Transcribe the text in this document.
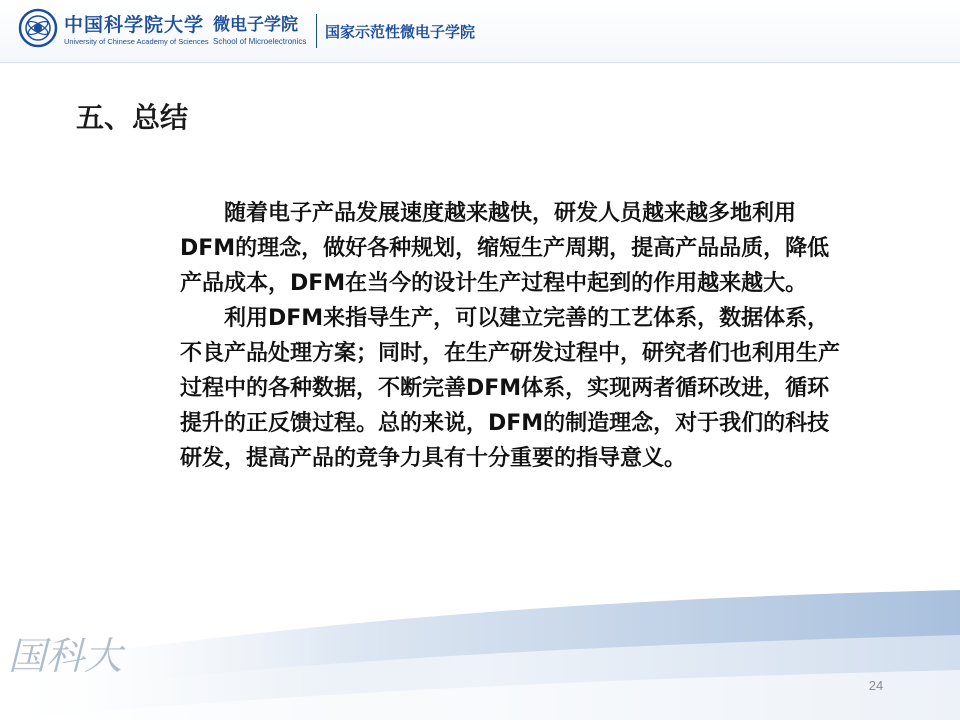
中国科学院大学
University of Chinese Academy of Sciences
微电子学院
School of Microelectronics
国家示范性微电子学院
五、总结

随着电子产品发展速度越来越快，研发人员越来越多地利用DFM的理念，做好各种规划，缩短生产周期，提高产品品质，降低产品成本，DFM在当今的设计生产过程中起到的作用越来越大。

利用DFM来指导生产，可以建立完善的工艺体系，数据体系，不良产品处理方案；同时，在生产研发过程中，研究者们也利用生产过程中的各种数据，不断完善DFM体系，实现两者循环改进，循环提升的正反馈过程。总的来说，DFM的制造理念，对于我们的科技研发，提高产品的竞争力具有十分重要的指导意义。

国科大
24
